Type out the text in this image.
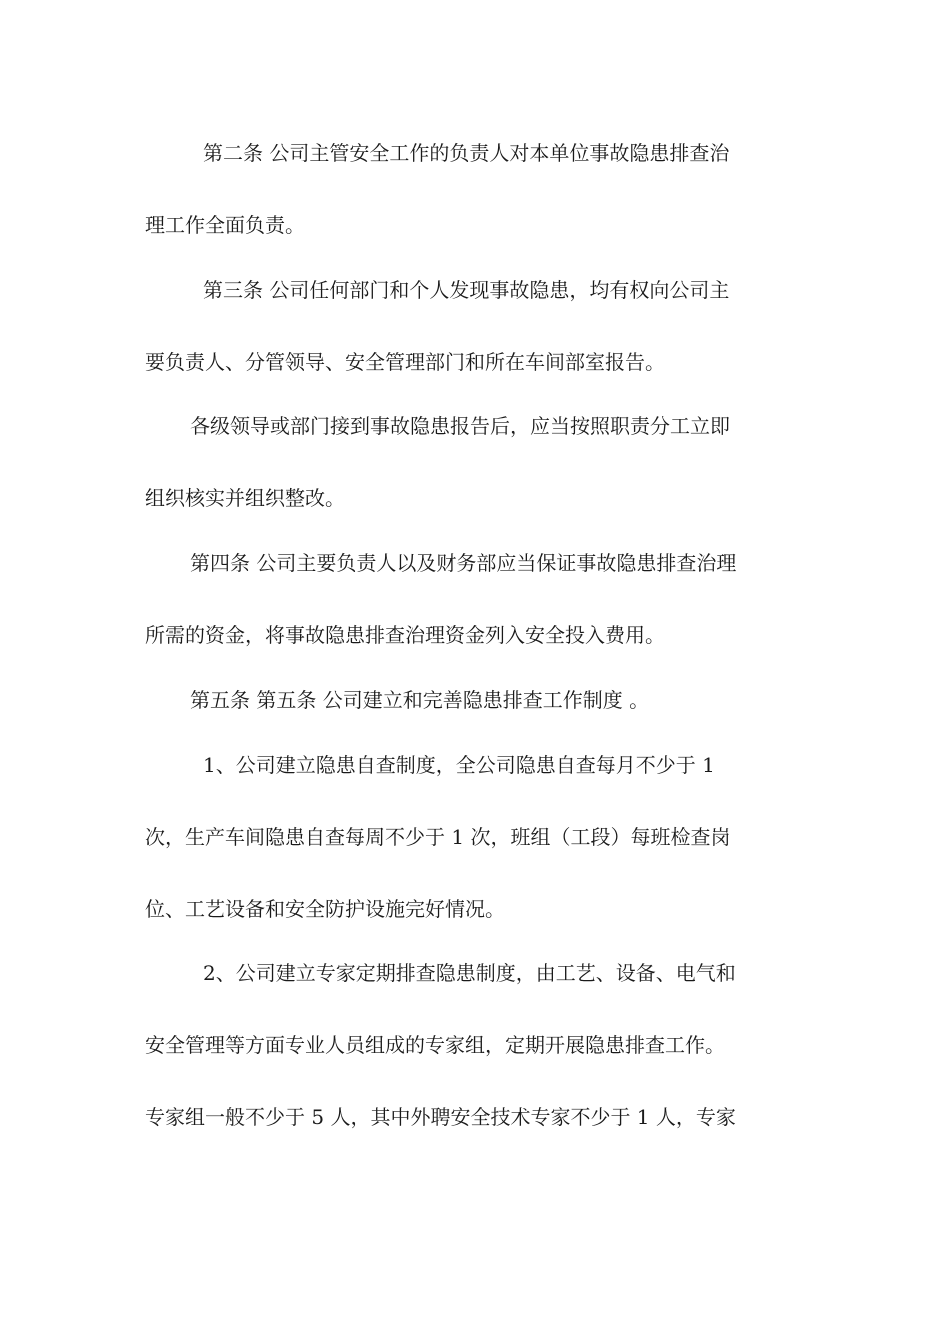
第二条 公司主管安全工作的负责人对本单位事故隐患排查治
理工作全面负责。
第三条 公司任何部门和个人发现事故隐患，均有权向公司主
要负责人、分管领导、安全管理部门和所在车间部室报告。
各级领导或部门接到事故隐患报告后，应当按照职责分工立即
组织核实并组织整改。
第四条 公司主要负责人以及财务部应当保证事故隐患排查治理
所需的资金，将事故隐患排查治理资金列入安全投入费用。
第五条 第五条 公司建立和完善隐患排查工作制度 。
1、公司建立隐患自查制度，全公司隐患自查每月不少于 1
次，生产车间隐患自查每周不少于 1 次，班组（工段）每班检查岗
位、工艺设备和安全防护设施完好情况。
2、公司建立专家定期排查隐患制度，由工艺、设备、电气和
安全管理等方面专业人员组成的专家组，定期开展隐患排查工作。
专家组一般不少于 5 人，其中外聘安全技术专家不少于 1 人，专家
